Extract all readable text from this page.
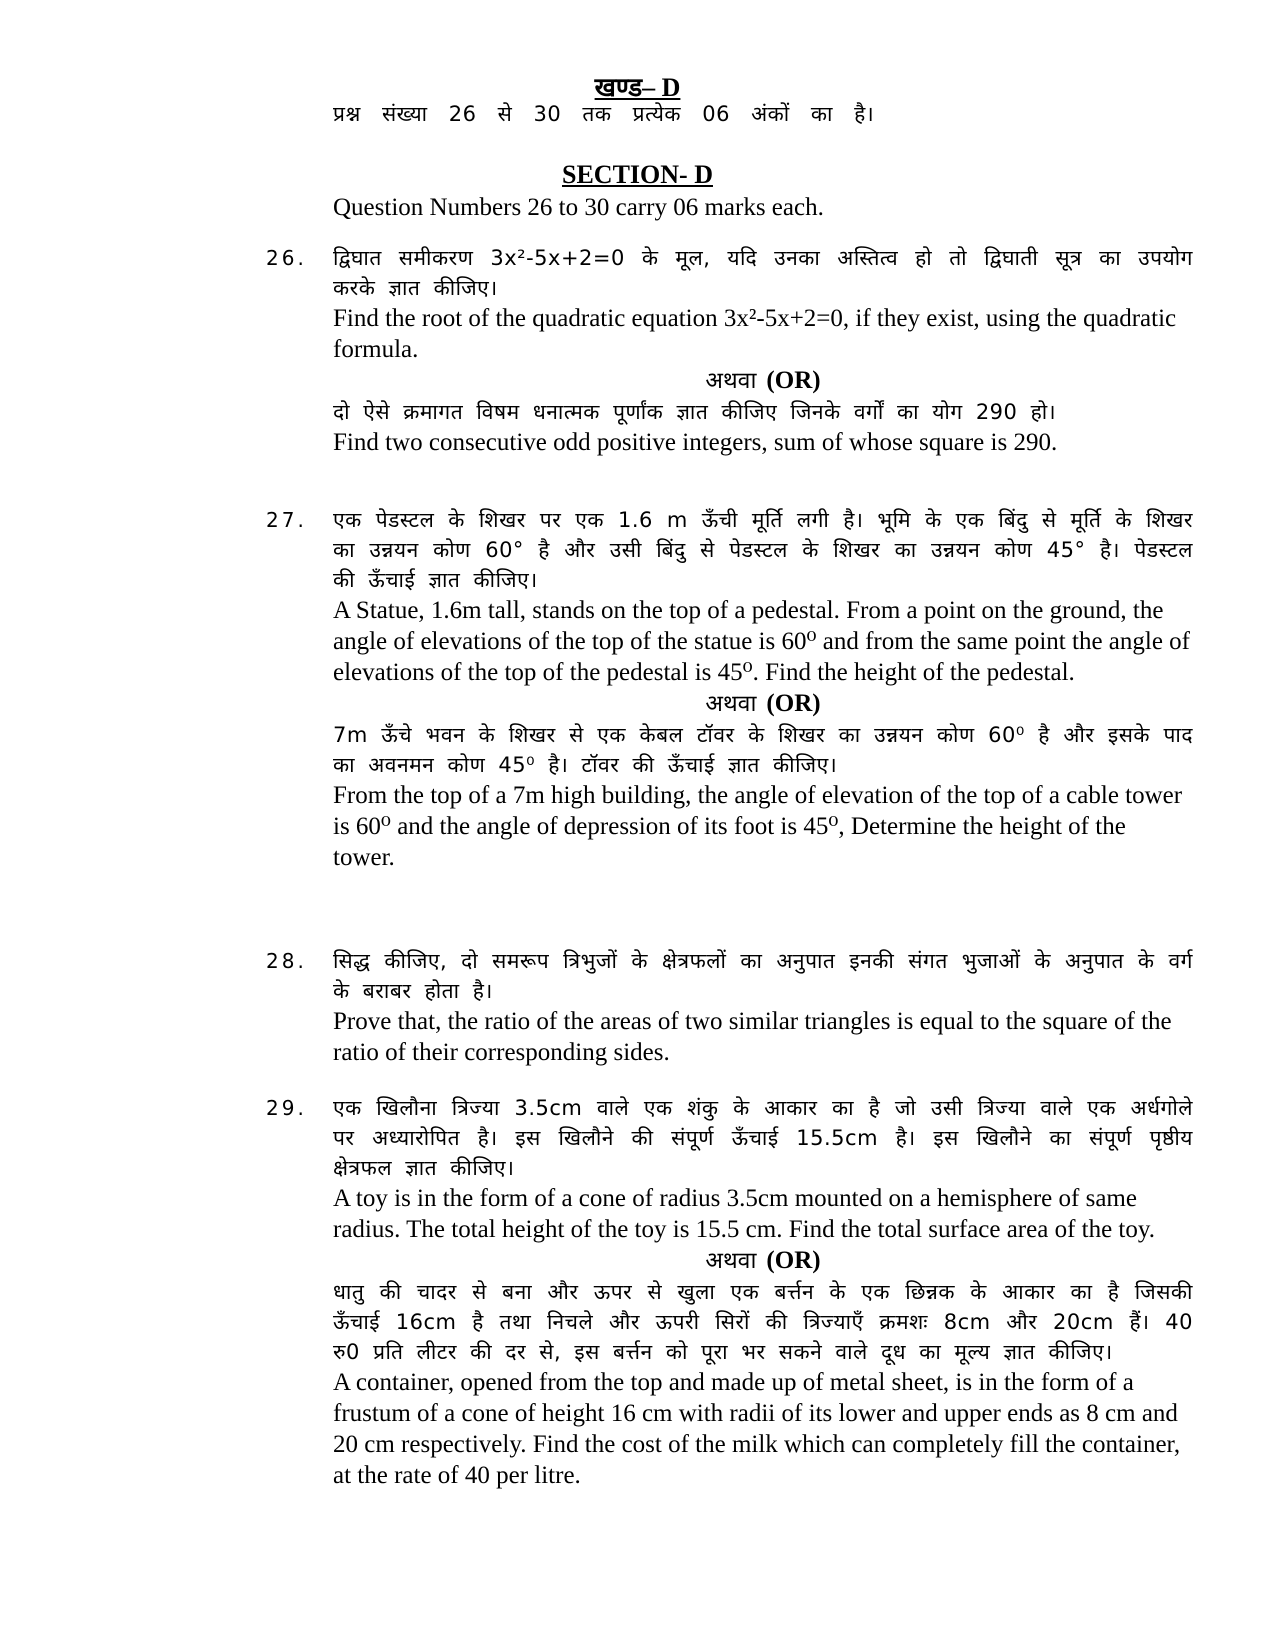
खण्ड– D
प्रश्न संख्या 26 से 30 तक प्रत्येक 06 अंकों का है।
SECTION- D
Question Numbers 26 to 30 carry 06 marks each.
26. द्विघात समीकरण 3x²-5x+2=0 के मूल, यदि उनका अस्तित्व हो तो द्विघाती सूत्र का उपयोग करके ज्ञात कीजिए।

Find the root of the quadratic equation 3x²-5x+2=0, if they exist, using the quadratic formula.

अथवा (OR)

दो ऐसे क्रमागत विषम धनात्मक पूर्णांक ज्ञात कीजिए जिनके वर्गों का योग 290 हो।

Find two consecutive odd positive integers, sum of whose square is 290.

27. एक पेडस्टल के शिखर पर एक 1.6 m ऊँची मूर्ति लगी है। भूमि के एक बिंदु से मूर्ति के शिखर का उन्नयन कोण 60° है और उसी बिंदु से पेडस्टल के शिखर का उन्नयन कोण 45° है। पेडस्टल की ऊँचाई ज्ञात कीजिए।

A Statue, 1.6m tall, stands on the top of a pedestal. From a point on the ground, the angle of elevations of the top of the statue is 60⁰ and from the same point the angle of elevations of the top of the pedestal is 45⁰. Find the height of the pedestal.

अथवा (OR)

7m ऊँचे भवन के शिखर से एक केबल टॉवर के शिखर का उन्नयन कोण 60⁰ है और इसके पाद का अवनमन कोण 45⁰ है। टॉवर की ऊँचाई ज्ञात कीजिए।

From the top of a 7m high building, the angle of elevation of the top of a cable tower is 60⁰ and the angle of depression of its foot is 45⁰, Determine the height of the tower.

28. सिद्ध कीजिए, दो समरूप त्रिभुजों के क्षेत्रफलों का अनुपात इनकी संगत भुजाओं के अनुपात के वर्ग के बराबर होता है।

Prove that, the ratio of the areas of two similar triangles is equal to the square of the ratio of their corresponding sides.

29. एक खिलौना त्रिज्या 3.5cm वाले एक शंकु के आकार का है जो उसी त्रिज्या वाले एक अर्धगोले पर अध्यारोपित है। इस खिलौने की संपूर्ण ऊँचाई 15.5cm है। इस खिलौने का संपूर्ण पृष्ठीय क्षेत्रफल ज्ञात कीजिए।

A toy is in the form of a cone of radius 3.5cm mounted on a hemisphere of same radius. The total height of the toy is 15.5 cm. Find the total surface area of the toy.

अथवा (OR)

धातु की चादर से बना और ऊपर से खुला एक बर्त्तन के एक छिन्नक के आकार का है जिसकी ऊँचाई 16cm है तथा निचले और ऊपरी सिरों की त्रिज्याएँ क्रमशः 8cm और 20cm हैं। 40 रु0 प्रति लीटर की दर से, इस बर्त्तन को पूरा भर सकने वाले दूध का मूल्य ज्ञात कीजिए।

A container, opened from the top and made up of metal sheet, is in the form of a frustum of a cone of height 16 cm with radii of its lower and upper ends as 8 cm and 20 cm respectively. Find the cost of the milk which can completely fill the container, at the rate of 40 per litre.
